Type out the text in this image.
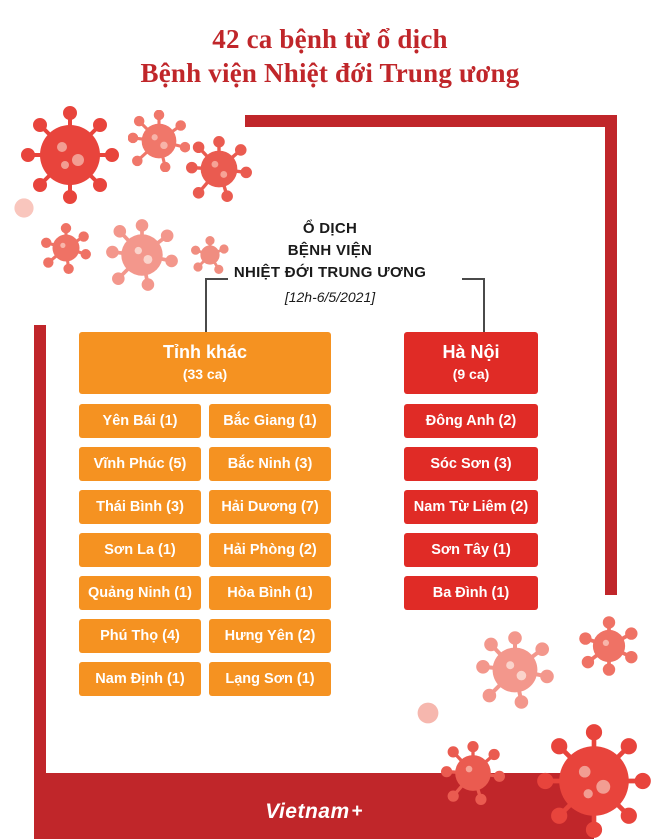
42 ca bệnh từ ổ dịch
Bệnh viện Nhiệt đới Trung ương
Ổ DỊCH
BỆNH VIỆN
NHIỆT ĐỚI TRUNG ƯƠNG
[12h-6/5/2021]
Tỉnh khác
(33 ca)
Yên Bái (1)	Bắc Giang (1)
Vĩnh Phúc (5)	Bắc Ninh (3)
Thái Bình (3)	Hải Dương (7)
Sơn La (1)	Hải Phòng (2)
Quảng Ninh (1)	Hòa Bình (1)
Phú Thọ (4)	Hưng Yên (2)
Nam Định (1)	Lạng Sơn (1)
Hà Nội
(9 ca)
Đông Anh (2)
Sóc Sơn (3)
Nam Từ Liêm (2)
Sơn Tây (1)
Ba Đình (1)
Vietnam +
